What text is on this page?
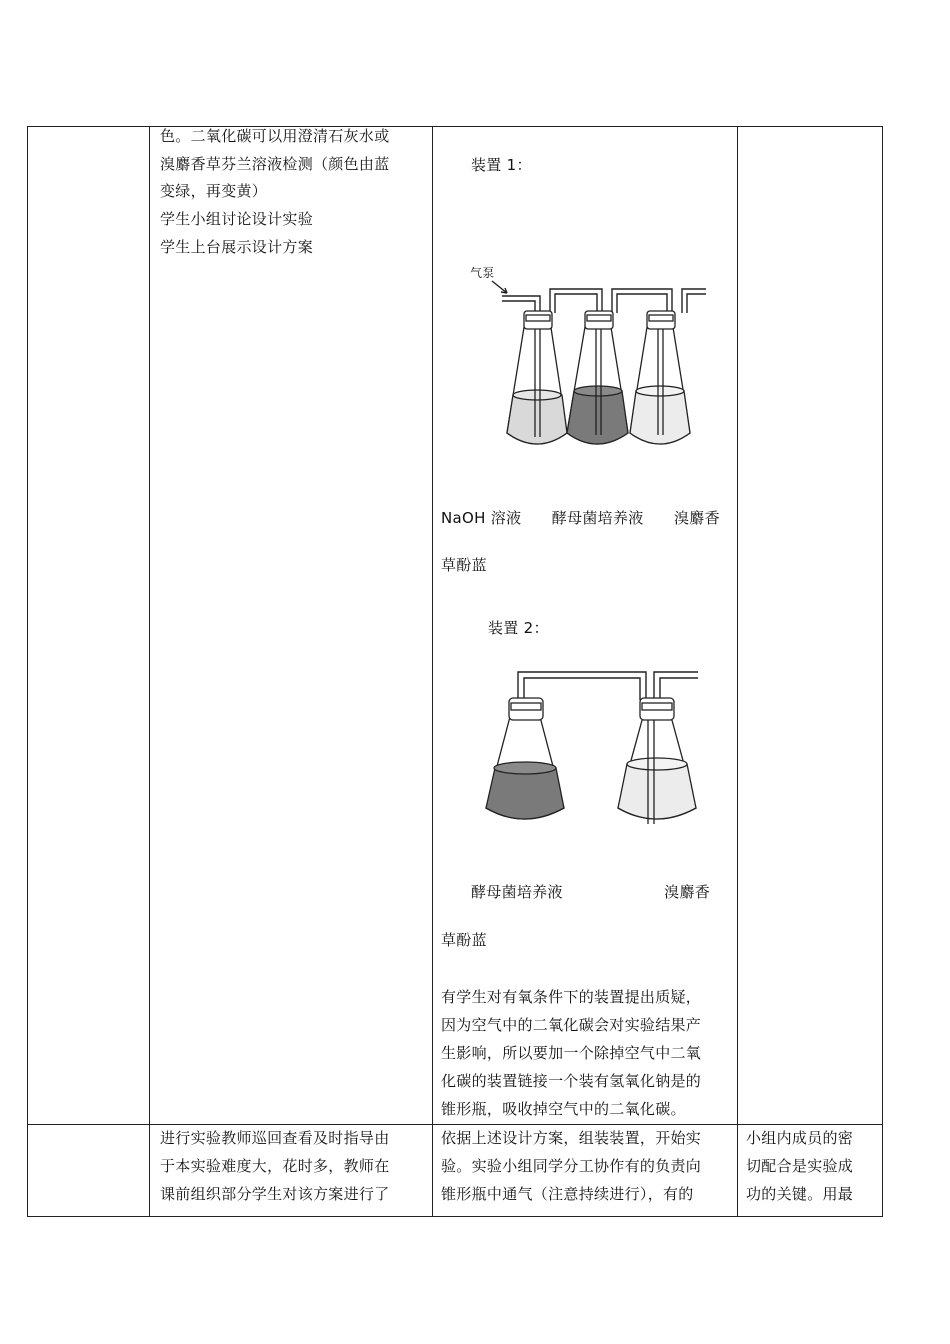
色。二氧化碳可以用澄清石灰水或
溴麝香草芬兰溶液检测（颜色由蓝
变绿，再变黄）
学生小组讨论设计实验
学生上台展示设计方案
装置 1：
气泵
NaOH 溶液      酵母菌培养液      溴麝香
草酚蓝
装置 2：
酵母菌培养液                    溴麝香
草酚蓝
有学生对有氧条件下的装置提出质疑，
因为空气中的二氧化碳会对实验结果产
生影响，所以要加一个除掉空气中二氧
化碳的装置链接一个装有氢氧化钠是的
锥形瓶，吸收掉空气中的二氧化碳。
进行实验教师巡回查看及时指导由
于本实验难度大，花时多，教师在
课前组织部分学生对该方案进行了
依据上述设计方案，组装装置，开始实
验。实验小组同学分工协作有的负责向
锥形瓶中通气（注意持续进行），有的
小组内成员的密
切配合是实验成
功的关键。用最
